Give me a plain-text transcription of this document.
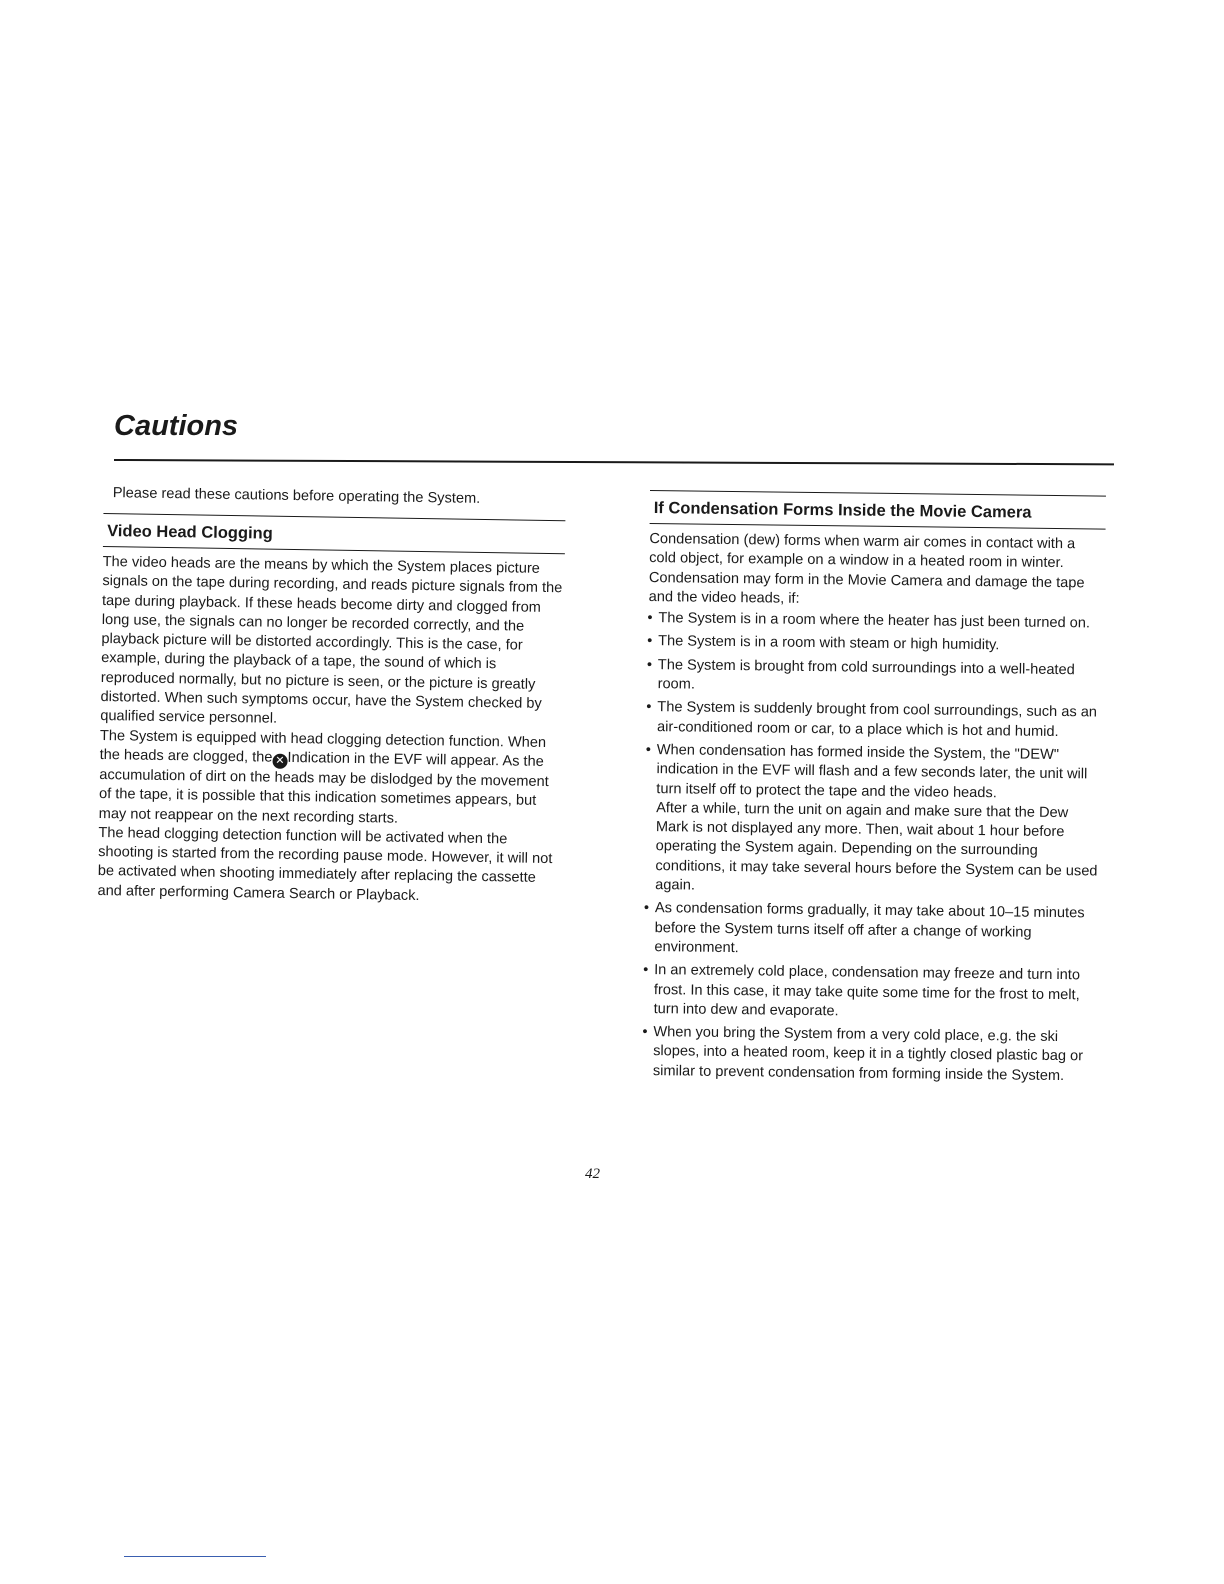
Cautions
Please read these cautions before operating the System.
Video Head Clogging

The video heads are the means by which the System places picture signals on the tape during recording, and reads picture signals from the tape during playback. If these heads become dirty and clogged from long use, the signals can no longer be recorded correctly, and the playback picture will be distorted accordingly. This is the case, for example, during the playback of a tape, the sound of which is reproduced normally, but no picture is seen, or the picture is greatly distorted. When such symptoms occur, have the System checked by qualified service personnel.

The System is equipped with head clogging detection function. When the heads are clogged, the ✕ Indication in the EVF will appear. As the accumulation of dirt on the heads may be dislodged by the movement of the tape, it is possible that this indication sometimes appears, but may not reappear on the next recording starts.

The head clogging detection function will be activated when the shooting is started from the recording pause mode. However, it will not be activated when shooting immediately after replacing the cassette and after performing Camera Search or Playback.

If Condensation Forms Inside the Movie Camera

Condensation (dew) forms when warm air comes in contact with a cold object, for example on a window in a heated room in winter. Condensation may form in the Movie Camera and damage the tape and the video heads, if:

• The System is in a room where the heater has just been turned on.
• The System is in a room with steam or high humidity.
• The System is brought from cold surroundings into a well-heated room.
• The System is suddenly brought from cool surroundings, such as an air-conditioned room or car, to a place which is hot and humid.
• When condensation has formed inside the System, the "DEW" indication in the EVF will flash and a few seconds later, the unit will turn itself off to protect the tape and the video heads.

After a while, turn the unit on again and make sure that the Dew Mark is not displayed any more. Then, wait about 1 hour before operating the System again. Depending on the surrounding conditions, it may take several hours before the System can be used again.

• As condensation forms gradually, it may take about 10–15 minutes before the System turns itself off after a change of working environment.
• In an extremely cold place, condensation may freeze and turn into frost. In this case, it may take quite some time for the frost to melt, turn into dew and evaporate.
• When you bring the System from a very cold place, e.g. the ski slopes, into a heated room, keep it in a tightly closed plastic bag or similar to prevent condensation from forming inside the System.
42
